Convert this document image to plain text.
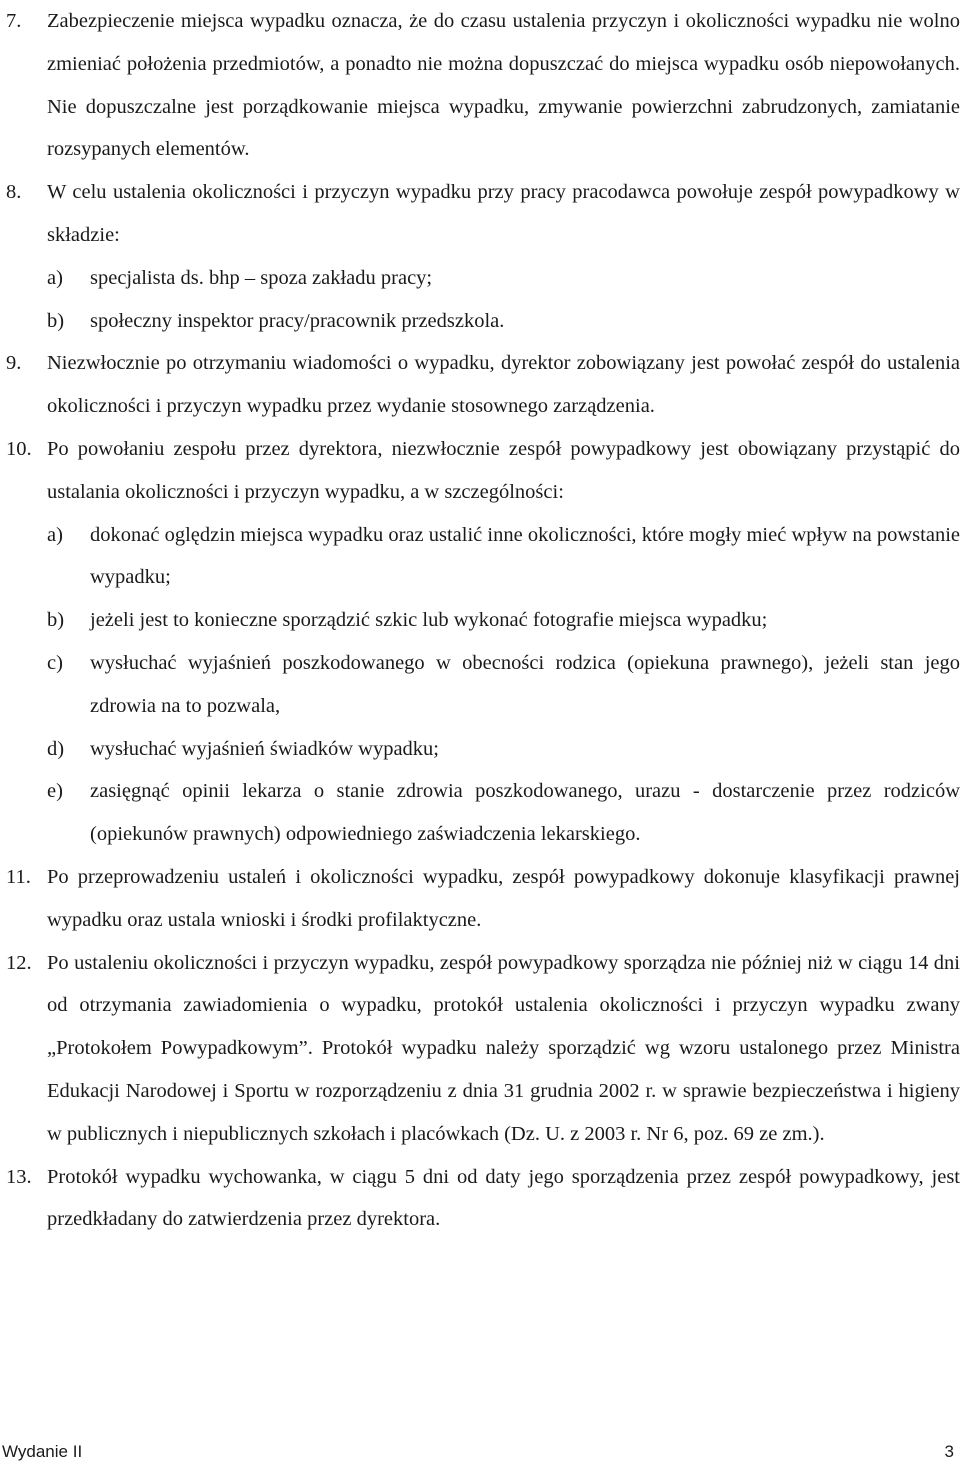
7. Zabezpieczenie miejsca wypadku oznacza, że do czasu ustalenia przyczyn i okoliczności wypadku nie wolno zmieniać położenia przedmiotów, a ponadto nie można dopuszczać do miejsca wypadku osób niepowołanych. Nie dopuszczalne jest porządkowanie miejsca wypadku, zmywanie powierzchni zabrudzonych, zamiatanie rozsypanych elementów.
8. W celu ustalenia okoliczności i przyczyn wypadku przy pracy pracodawca powołuje zespół powypadkowy w składzie:
a) specjalista ds. bhp – spoza zakładu pracy;
b) społeczny inspektor pracy/pracownik przedszkola.
9. Niezwłocznie po otrzymaniu wiadomości o wypadku, dyrektor zobowiązany jest powołać zespół do ustalenia okoliczności i przyczyn wypadku przez wydanie stosownego zarządzenia.
10. Po powołaniu zespołu przez dyrektora, niezwłocznie zespół powypadkowy jest obowiązany przystąpić do ustalania okoliczności i przyczyn wypadku, a w szczególności:
a) dokonać oględzin miejsca wypadku oraz ustalić inne okoliczności, które mogły mieć wpływ na powstanie wypadku;
b) jeżeli jest to konieczne sporządzić szkic lub wykonać fotografie miejsca wypadku;
c) wysłuchać wyjaśnień poszkodowanego w obecności rodzica (opiekuna prawnego), jeżeli stan jego zdrowia na to pozwala,
d) wysłuchać wyjaśnień świadków wypadku;
e) zasięgnąć opinii lekarza o stanie zdrowia poszkodowanego, urazu - dostarczenie przez rodziców (opiekunów prawnych) odpowiedniego zaświadczenia lekarskiego.
11. Po przeprowadzeniu ustaleń i okoliczności wypadku, zespół powypadkowy dokonuje klasyfikacji prawnej wypadku oraz ustala wnioski i środki profilaktyczne.
12. Po ustaleniu okoliczności i przyczyn wypadku, zespół powypadkowy sporządza nie później niż w ciągu 14 dni od otrzymania zawiadomienia o wypadku, protokół ustalenia okoliczności i przyczyn wypadku zwany „Protokołem Powypadkowym”. Protokół wypadku należy sporządzić wg wzoru ustalonego przez Ministra Edukacji Narodowej i Sportu w rozporządzeniu z dnia 31 grudnia 2002 r. w sprawie bezpieczeństwa i higieny w publicznych i niepublicznych szkołach i placówkach (Dz. U. z 2003 r. Nr 6, poz. 69 ze zm.).
13. Protokół wypadku wychowanka, w ciągu 5 dni od daty jego sporządzenia przez zespół powypadkowy, jest przedkładany do zatwierdzenia przez dyrektora.
Wydanie II	3
